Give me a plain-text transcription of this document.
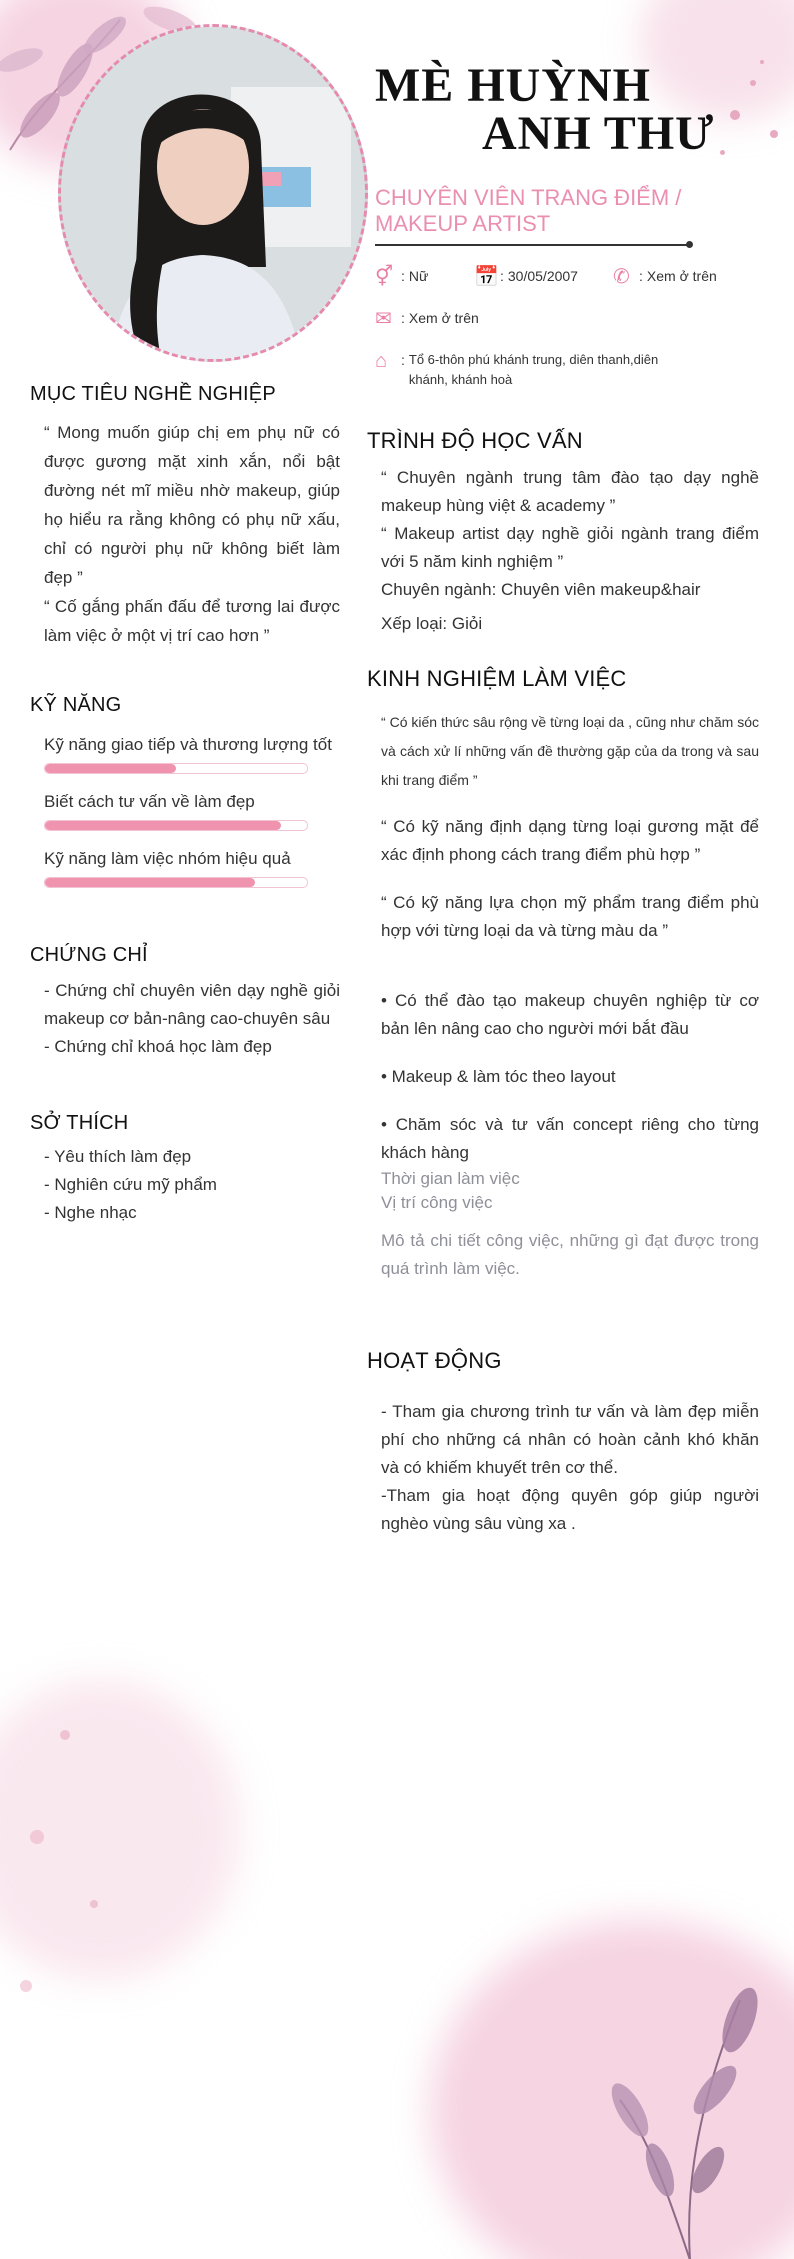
MÈ HUỲNH
ANH THƯ
CHUYÊN VIÊN TRANG ĐIỂM / MAKEUP ARTIST
⚥ : Nữ 📅 : 30/05/2007 ✆ : Xem ở trên
✉ : Xem ở trên
⌂ : Tổ 6-thôn phú khánh trung, diên thanh,diên khánh, khánh hoà
MỤC TIÊU NGHỀ NGHIỆP

“ Mong muốn giúp chị em phụ nữ có được gương mặt xinh xắn, nổi bật đường nét mĩ miều nhờ makeup, giúp họ hiểu ra rằng không có phụ nữ xấu, chỉ có người phụ nữ không biết làm đẹp ”

“ Cố gắng phấn đấu để tương lai được làm việc ở một vị trí cao hơn ”

KỸ NĂNG
Kỹ năng giao tiếp và thương lượng tốt
Biết cách tư vấn về làm đẹp
Kỹ năng làm việc nhóm hiệu quả
CHỨNG CHỈ
- Chứng chỉ chuyên viên dạy nghề giỏi makeup cơ bản-nâng cao-chuyên sâu
- Chứng chỉ khoá học làm đẹp
SỞ THÍCH
- Yêu thích làm đẹp
- Nghiên cứu mỹ phẩm
- Nghe nhạc
TRÌNH ĐỘ HỌC VẤN

“ Chuyên ngành trung tâm đào tạo dạy nghề makeup hùng việt & academy ”

“ Makeup artist dạy nghề giỏi ngành trang điểm với 5 năm kinh nghiệm ”

Chuyên ngành: Chuyên viên makeup&hair

Xếp loại: Giỏi

KINH NGHIỆM LÀM VIỆC

“ Có kiến thức sâu rộng về từng loại da , cũng như chăm sóc và cách xử lí những vấn đề thường gặp của da trong và sau khi trang điểm ”

“ Có kỹ năng định dạng từng loại gương mặt để xác định phong cách trang điểm phù hợp ”

“ Có kỹ năng lựa chọn mỹ phẩm trang điểm phù hợp với từng loại da và từng màu da ”

• Có thể đào tạo makeup chuyên nghiệp từ cơ bản lên nâng cao cho người mới bắt đầu

• Makeup & làm tóc theo layout

• Chăm sóc và tư vấn concept riêng cho từng khách hàng

Thời gian làm việc

Vị trí công việc

Mô tả chi tiết công việc, những gì đạt được trong quá trình làm việc.

HOẠT ĐỘNG

- Tham gia chương trình tư vấn và làm đẹp miễn phí cho những cá nhân có hoàn cảnh khó khăn và có khiếm khuyết trên cơ thể.

-Tham gia hoạt động quyên góp giúp người nghèo vùng sâu vùng xa .
